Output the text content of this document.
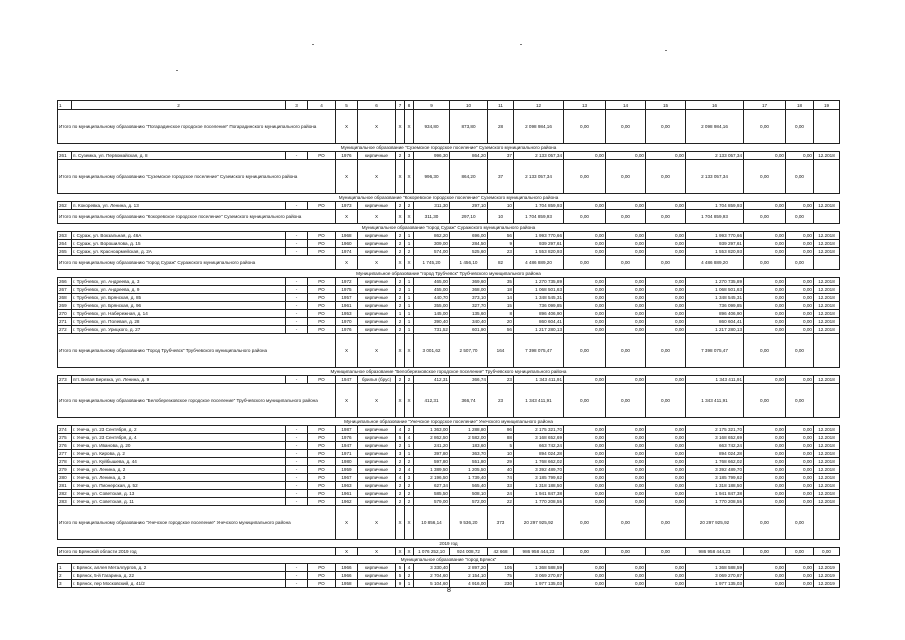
1	2	3	4	5	6	7	8	9	10	11	12	13	14	15	16	17	18	19
Итого по муниципальному образованию "Погарадинское городское поселение" Погарадинского муниципального района				X	X	X	X	934,80	873,80	28	2 098 984,16	0,00	0,00	0,00	2 098 984,16	0,00	0,00	
Муниципальное образование "Суземское городское поселение" Суземского муниципального района																		
261	п. Суземка, ул. Первомайская, д. 8	-	РО	1976	кирпичные	2	3	996,30	864,20	37	2 133 057,34	0,00	0,00	0,00	2 133 057,34	0,00	0,00	12.2018
Итого по муниципальному образованию "Суземское городское поселение" Суземского муниципального района				X	X	X	X	996,30	864,20	37	2 133 057,34	0,00	0,00	0,00	2 133 057,34	0,00	0,00	
Муниципальное образование "Кокоревское городское поселение" Суземского муниципального района																		
262	п. Кокоревка, ул. Ленина, д. 13	-	РО	1973	кирпичные	2	2	311,30	297,10	10	1 704 859,93	0,00	0,00	0,00	1 704 859,93	0,00	0,00	12.2018
Итого по муниципальному образованию "Кокоревское городское поселение" Суземского муниципального района				X	X	X	X	311,30	297,10	10	1 704 859,93	0,00	0,00	0,00	1 704 859,93	0,00	0,00	
Муниципальное образование "город Сураж" Суражского муниципального района																		
263	г. Сураж, ул. Вокзальная, д. 46А	-	РО	1968	кирпичные	2	1	862,20	696,00	56	1 993 770,66	0,00	0,00	0,00	1 993 770,66	0,00	0,00	12.2018
264	г. Сураж, ул. Ворошилова, д. 15	-	РО	1960	кирпичные	2	1	309,00	284,50	9	939 297,61	0,00	0,00	0,00	939 297,61	0,00	0,00	12.2018
265	г. Сураж, ул. Красноармейская, д. 2А	-	РО	1974	кирпичные	2	2	574,00	525,60	23	1 553 820,93	0,00	0,00	0,00	1 553 820,93	0,00	0,00	12.2018
Итого по муниципальному образованию "город Сураж" Суражского муниципального района				X	X	X	X	1 745,20	1 456,10	82	4 486 889,20	0,00	0,00	0,00	4 486 889,20	0,00	0,00	
Муниципальное образование "город Трубчевск" Трубчевского муниципального района																		
266	г. Трубчевск, ул. Андреева, д. 3	-	РО	1972	кирпичные	2	1	465,00	369,60	35	1 270 735,89	0,00	0,00	0,00	1 270 735,89	0,00	0,00	12.2018
267	г. Трубчевск, ул. Андреева, д. 9	-	РО	1975	кирпичные	2	1	455,00	368,00	18	1 068 501,63	0,00	0,00	0,00	1 068 501,63	0,00	0,00	12.2018
268	г. Трубчевск, ул. Брянская, д. 85	-	РО	1957	кирпичные	2	1	440,70	373,10	14	1 348 545,31	0,00	0,00	0,00	1 348 545,31	0,00	0,00	12.2018
269	г. Трубчевск, ул. Брянская, д. 96	-	РО	1961	кирпичные	2	1	355,00	327,70	15	736 099,85	0,00	0,00	0,00	736 099,85	0,00	0,00	12.2018
270	г. Трубчевск, ул. Набережная, д. 14	-	РО	1953	кирпичные	1	1	145,00	135,60	8	896 406,90	0,00	0,00	0,00	896 406,90	0,00	0,00	12.2018
271	г. Трубчевск, ул. Полевая, д. 28	-	РО	1970	кирпичные	2	1	390,40	340,40	20	860 604,41	0,00	0,00	0,00	860 604,41	0,00	0,00	12.2018
272	г. Трубчевск, ул. Урицкого, д. 27	-	РО	1976	кирпичные	2	1	731,52	601,90	56	1 217 280,13	0,00	0,00	0,00	1 217 280,13	0,00	0,00	12.2018
Итого по муниципальному образованию "Город Трубчевск" Трубчевского муниципального района				X	X	X	X	3 001,62	2 507,70	164	7 398 075,47	0,00	0,00	0,00	7 398 075,47	0,00	0,00	
Муниципальное образование "Белоберезковское городское поселение" Трубчевского муниципального района																		
273	пгт. Белая Березка, ул. Ленина, д. 9	-	РО	1947	брилья (брус)	2	2	412,31	366,74	23	1 343 411,91	0,00	0,00	0,00	1 343 411,91	0,00	0,00	12.2018
Итого по муниципальному образованию "Белоберезковское городское поселение" Трубчевского муниципального района				X	X	X	X	412,31	366,74	23	1 343 411,91	0,00	0,00	0,00	1 343 411,91	0,00	0,00	
Муниципальное образование "Унечское городское поселение" Унечского муниципального района																		
274	г. Унеча, ул. 23 Сентября, д. 2	-	РО	1987	кирпичные	4	2	1 363,00	1 288,80	96	2 175 321,70	0,00	0,00	0,00	2 175 321,70	0,00	0,00	12.2018
275	г. Унеча, ул. 23 Сентября, д. 4	-	РО	1976	кирпичные	5	4	2 862,50	2 582,00	88	3 168 652,69	0,00	0,00	0,00	3 168 652,69	0,00	0,00	12.2018
276	г. Унеча, ул. Иванова, д. 20	-	РО	1947	кирпичные	2	1	241,20	183,60	5	663 742,24	0,00	0,00	0,00	663 742,24	0,00	0,00	12.2018
277	г. Унеча, ул. Кирова, д. 2	-	РО	1971	кирпичные	3	1	397,80	363,70	10	894 024,28	0,00	0,00	0,00	894 024,28	0,00	0,00	12.2018
278	г. Унеча, ул. Куйбышева, д. 44	-	РО	1980	кирпичные	2	2	597,80	551,80	29	1 768 662,02	0,00	0,00	0,00	1 768 662,02	0,00	0,00	12.2018
279	г. Унеча, ул. Ленина, д. 2	-	РО	1959	кирпичные	2	4	1 389,50	1 205,50	40	3 392 489,70	0,00	0,00	0,00	3 392 489,70	0,00	0,00	12.2018
280	г. Унеча, ул. Ленина, д. 3	-	РО	1967	кирпичные	4	3	2 196,50	1 739,40	74	3 185 799,62	0,00	0,00	0,00	3 185 799,62	0,00	0,00	12.2018
281	г. Унеча, ул. Пионерская, д. 52	-	РО	1963	кирпичные	2	2	627,34	565,40	33	1 318 188,50	0,00	0,00	0,00	1 318 188,50	0,00	0,00	12.2018
282	г. Унеча, ул. Советская, д. 13	-	РО	1961	кирпичные	2	2	585,50	508,10	24	1 941 847,38	0,00	0,00	0,00	1 941 847,38	0,00	0,00	12.2018
283	г. Унеча, ул. Советская, д. 11	-	РО	1962	кирпичные	2	2	579,00	572,00	22	1 770 208,55	0,00	0,00	0,00	1 770 208,55	0,00	0,00	12.2018
Итого по муниципальному образованию "Унечское городское поселение" Унечского муниципального района				X	X	X	X	10 856,14	9 536,20	373	20 297 925,92	0,00	0,00	0,00	20 297 925,92	0,00	0,00	
2019 год																		
Итого по Брянской области 2019 год				X	X	X	X	1 076 252,10	924 008,72	42 668	986 958 444,23	0,00	0,00	0,00	986 958 444,23	0,00	0,00	0,00
Муниципальное образование "город Брянск"																		
1	г. Брянск, аллея Металлургов, д. 2	-	РО	1966	кирпичные	5	4	3 330,40	2 897,20	105	1 368 588,59	0,00	0,00	0,00	1 368 588,59	0,00	0,00	12.2019
2	г. Брянск, 5-й Гагарина, д. 22	-	РО	1966	кирпичные	5	2	2 704,60	2 154,10	75	3 069 270,87	0,00	0,00	0,00	3 069 270,87	0,00	0,00	12.2019
3	г. Брянск, пер Московский, д. 41/2	-	РО	1958	кирпичные	9	1	5 104,60	4 916,00	230	1 977 135,03	0,00	0,00	0,00	1 977 135,03	0,00	0,00	12.2019
8
